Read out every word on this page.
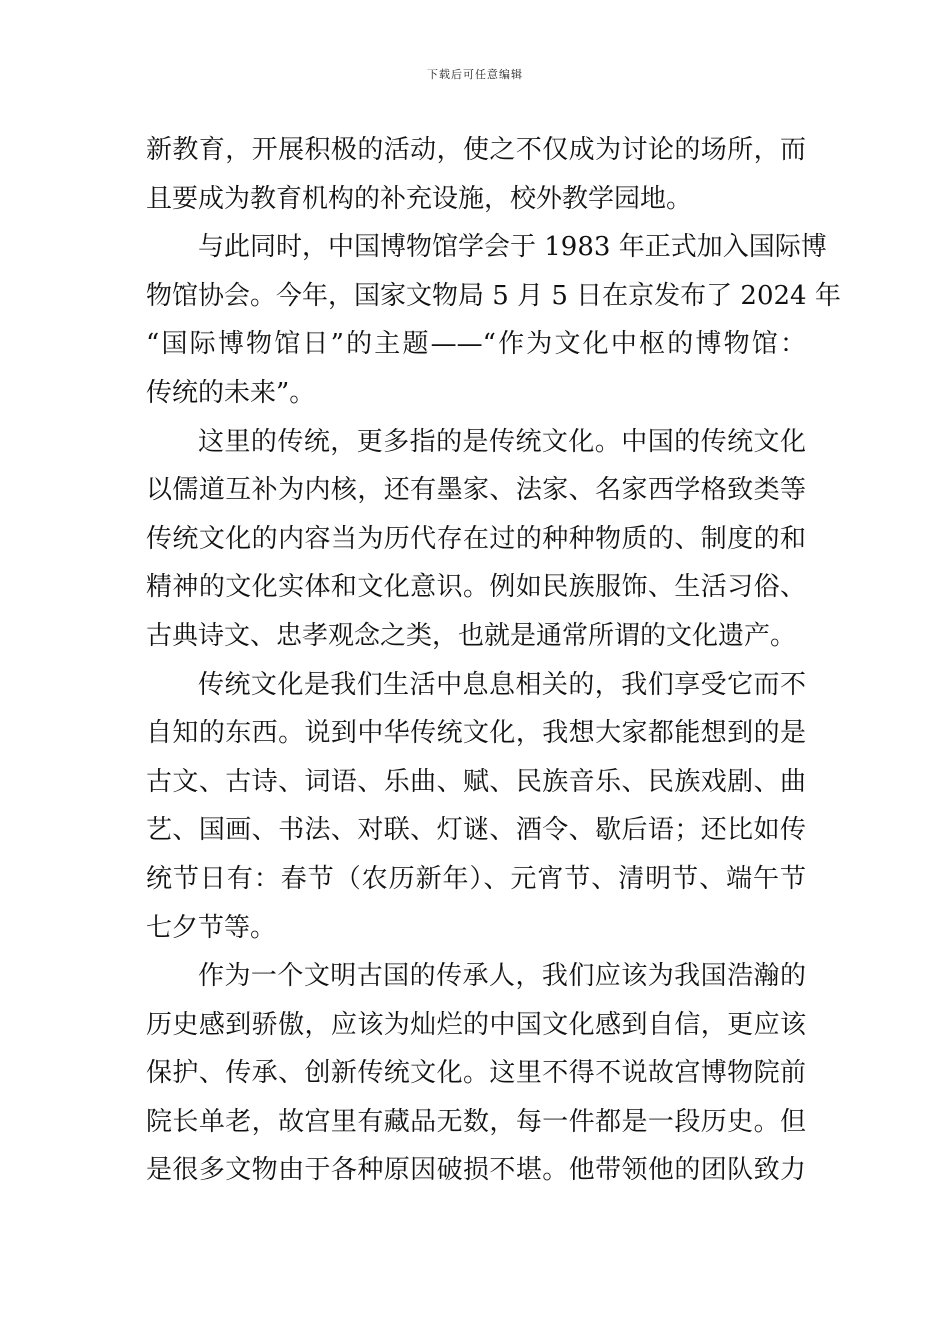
下载后可任意编辑
新教育，开展积极的活动，使之不仅成为讨论的场所，而
且要成为教育机构的补充设施，校外教学园地。
与此同时，中国博物馆学会于 1983 年正式加入国际博
物馆协会。今年，国家文物局 5 月 5 日在京发布了 2024 年
“国际博物馆日”的主题——“作为文化中枢的博物馆：
传统的未来”。
这里的传统，更多指的是传统文化。中国的传统文化
以儒道互补为内核，还有墨家、法家、名家西学格致类等
传统文化的内容当为历代存在过的种种物质的、制度的和
精神的文化实体和文化意识。例如民族服饰、生活习俗、
古典诗文、忠孝观念之类，也就是通常所谓的文化遗产。
传统文化是我们生活中息息相关的，我们享受它而不
自知的东西。说到中华传统文化，我想大家都能想到的是
古文、古诗、词语、乐曲、赋、民族音乐、民族戏剧、曲
艺、国画、书法、对联、灯谜、酒令、歇后语；还比如传
统节日有：春节（农历新年）、元宵节、清明节、端午节
七夕节等。
作为一个文明古国的传承人，我们应该为我国浩瀚的
历史感到骄傲，应该为灿烂的中国文化感到自信，更应该
保护、传承、创新传统文化。这里不得不说故宫博物院前
院长单老，故宫里有藏品无数，每一件都是一段历史。但
是很多文物由于各种原因破损不堪。他带领他的团队致力
